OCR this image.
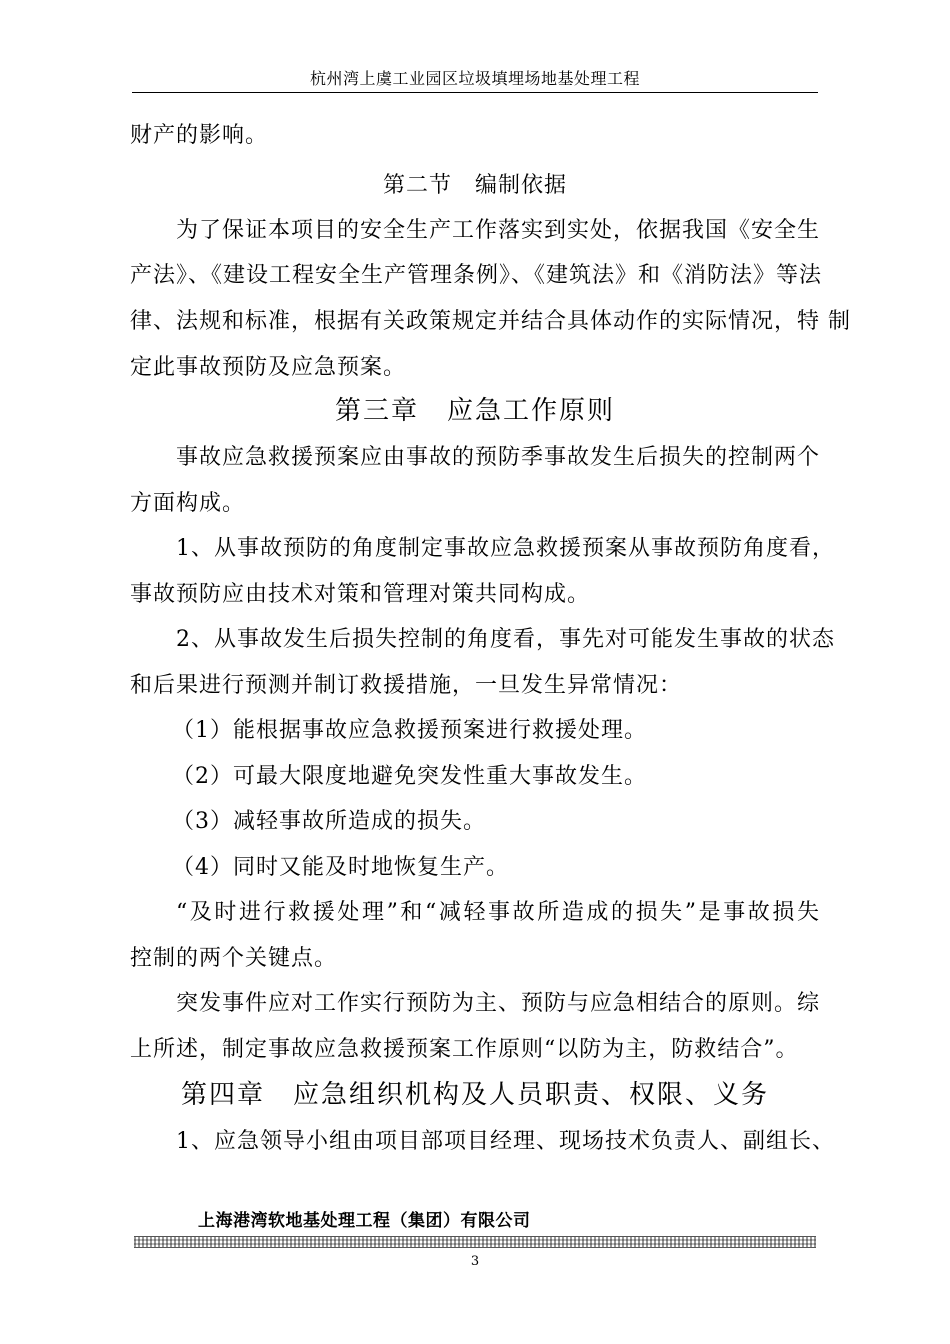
杭州湾上虞工业园区垃圾填埋场地基处理工程
财产的影响。
第二节　编制依据
为了保证本项目的安全生产工作落实到实处，依据我国《安全生
产法》、《建设工程安全生产管理条例》、《建筑法》和《消防法》等法
律、法规和标准，根据有关政策规定并结合具体动作的实际情况，特 制
定此事故预防及应急预案。
第三章　应急工作原则
事故应急救援预案应由事故的预防季事故发生后损失的控制两个
方面构成。
1、从事故预防的角度制定事故应急救援预案从事故预防角度看，
事故预防应由技术对策和管理对策共同构成。
2、从事故发生后损失控制的角度看，事先对可能发生事故的状态
和后果进行预测并制订救援措施，一旦发生异常情况：
（1）能根据事故应急救援预案进行救援处理。
（2）可最大限度地避免突发性重大事故发生。
（3）减轻事故所造成的损失。
（4）同时又能及时地恢复生产。
“及时进行救援处理”和“减轻事故所造成的损失”是事故损失
控制的两个关键点。
突发事件应对工作实行预防为主、预防与应急相结合的原则。综
上所述，制定事故应急救援预案工作原则“以防为主，防救结合”。
第四章　应急组织机构及人员职责、权限、义务
1、应急领导小组由项目部项目经理、现场技术负责人、副组长、
上海港湾软地基处理工程（集团）有限公司
3
